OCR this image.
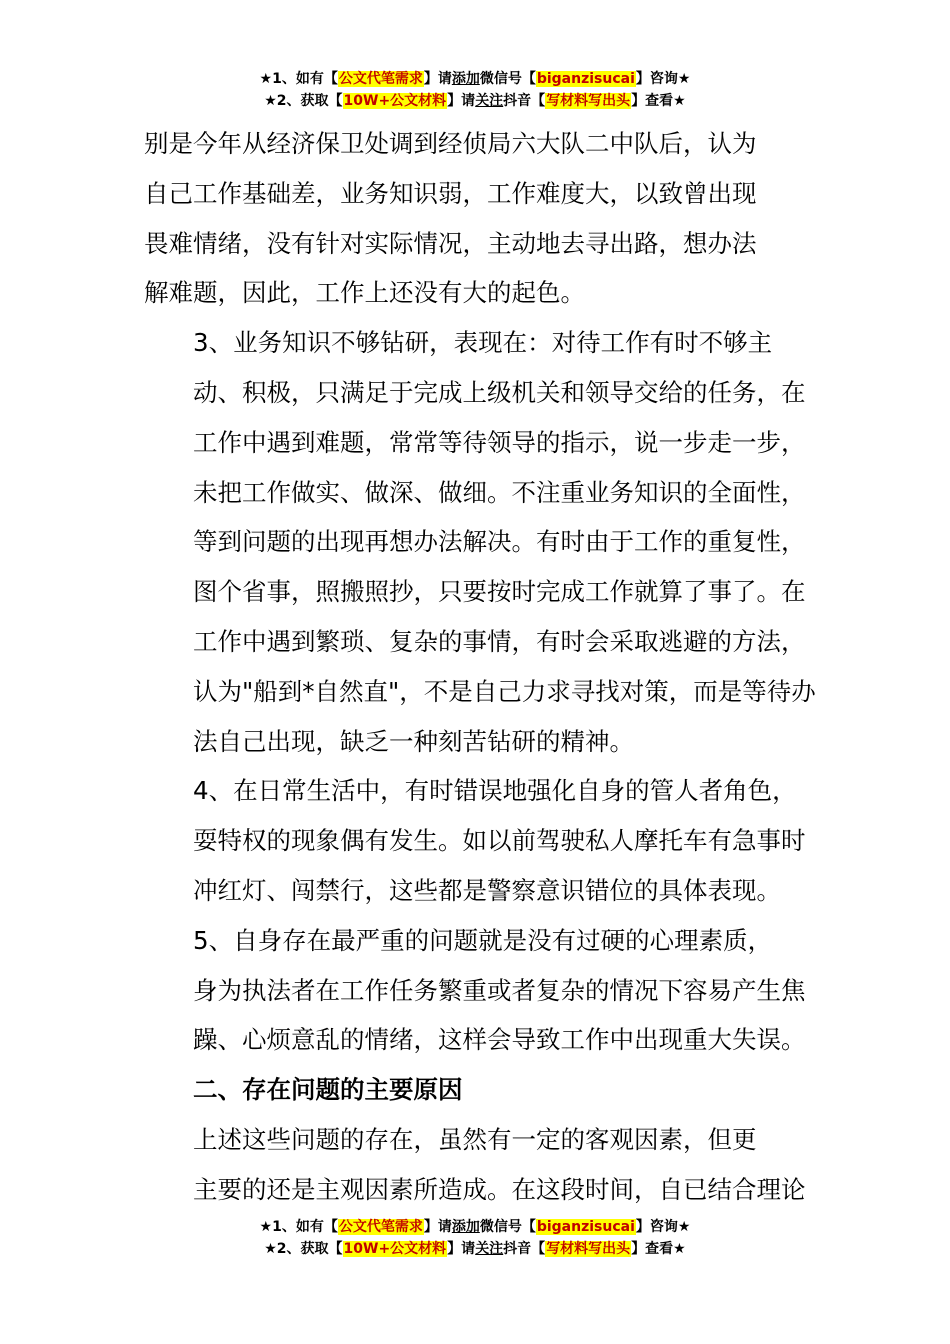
★1、如有【公文代笔需求】请添加微信号【biganzisucai】咨询★
★2、获取【10W+公文材料】请关注抖音【写材料写出头】查看★

别是今年从经济保卫处调到经侦局六大队二中队后，认为
自己工作基础差，业务知识弱，工作难度大，以致曾出现
畏难情绪，没有针对实际情况，主动地去寻出路，想办法
解难题，因此，工作上还没有大的起色。

3、业务知识不够钻研，表现在：对待工作有时不够主
动、积极，只满足于完成上级机关和领导交给的任务，在
工作中遇到难题，常常等待领导的指示，说一步走一步，
未把工作做实、做深、做细。不注重业务知识的全面性，
等到问题的出现再想办法解决。有时由于工作的重复性，
图个省事，照搬照抄，只要按时完成工作就算了事了。在
工作中遇到繁琐、复杂的事情，有时会采取逃避的方法，
认为"船到*自然直"，不是自己力求寻找对策，而是等待办
法自己出现，缺乏一种刻苦钻研的精神。

4、在日常生活中，有时错误地强化自身的管人者角色，
耍特权的现象偶有发生。如以前驾驶私人摩托车有急事时
冲红灯、闯禁行，这些都是警察意识错位的具体表现。

5、自身存在最严重的问题就是没有过硬的心理素质，
身为执法者在工作任务繁重或者复杂的情况下容易产生焦
躁、心烦意乱的情绪，这样会导致工作中出现重大失误。

二、存在问题的主要原因

上述这些问题的存在，虽然有一定的客观因素，但更
主要的还是主观因素所造成。在这段时间，自已结合理论

★1、如有【公文代笔需求】请添加微信号【biganzisucai】咨询★
★2、获取【10W+公文材料】请关注抖音【写材料写出头】查看★
